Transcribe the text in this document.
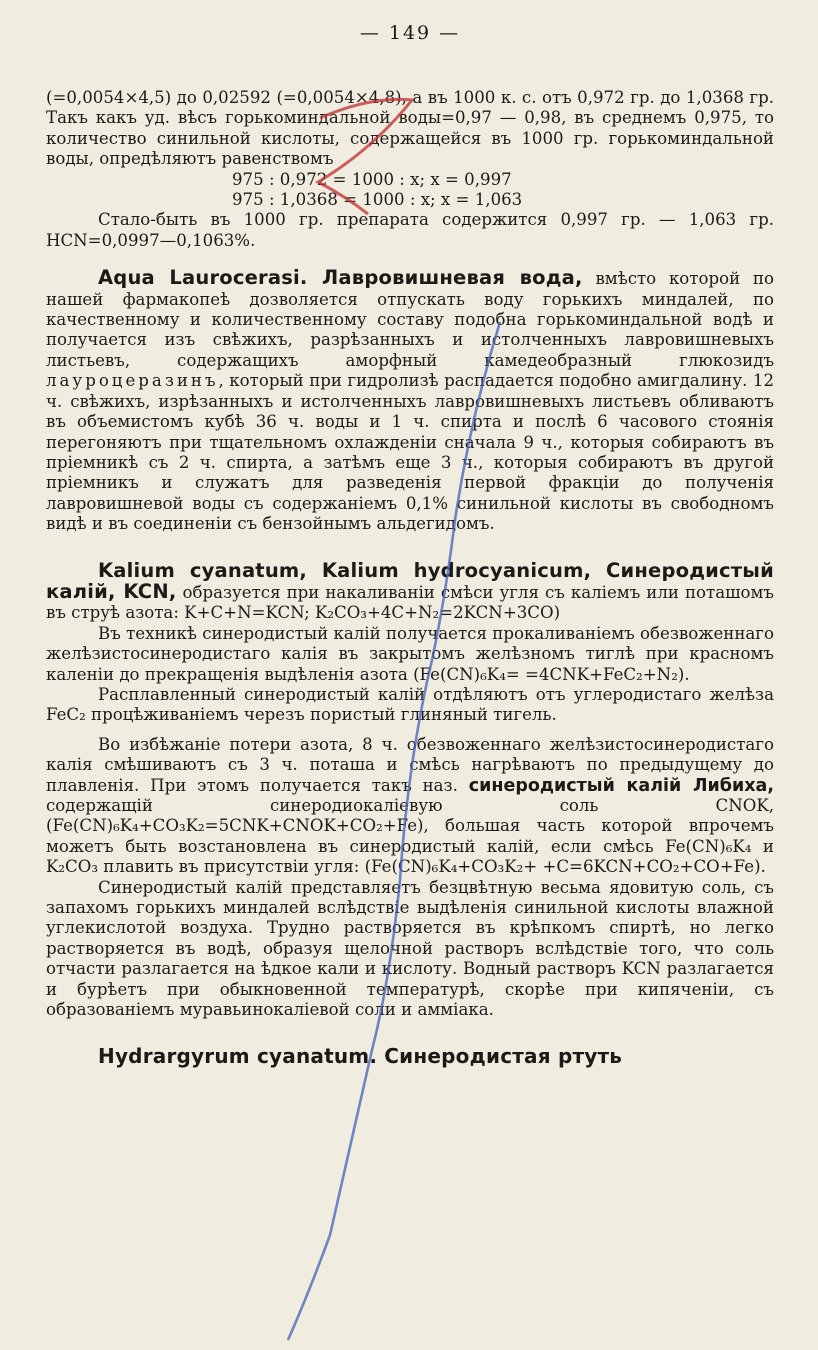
— 149 —

(=0,0054×4,5) до 0,02592 (=0,0054×4,8), а въ 1000 к. с. отъ 0,972 гр. до 1,0368 гр. Такъ какъ уд. вѣсъ горькоминдальной воды=0,97 — 0,98, въ среднемъ 0,975, то количество синильной кислоты, содержащейся въ 1000 гр. горькоминдальной воды, опредѣляютъ равенствомъ

975 : 0,972 = 1000 : x; x = 0,997
975 : 1,0368 = 1000 : x; x = 1,063

Стало-быть въ 1000 гр. препарата содержится 0,997 гр. — 1,063 гр. HCN=0,0997—0,1063%.

Aqua Laurocerasi. Лавровишневая вода, вмѣсто которой по нашей фармакопеѣ дозволяется отпускать воду горькихъ миндалей, по качественному и количественному составу подобна горькоминдальной водѣ и получается изъ свѣжихъ, разрѣзанныхъ и истолченныхъ лавровишневыхъ листьевъ, содержащихъ аморфный камедеобразный глюкозидъ лауроцеразинъ, который при гидролизѣ распадается подобно амигдалину. 12 ч. свѣжихъ, изрѣзанныхъ и истолченныхъ лавровишневыхъ листьевъ обливаютъ въ объемистомъ кубѣ 36 ч. воды и 1 ч. спирта и послѣ 6 часового стоянія перегоняютъ при тщательномъ охлажденіи сначала 9 ч., которыя собираютъ въ пріемникѣ съ 2 ч. спирта, а затѣмъ еще 3 ч., которыя собираютъ въ другой пріемникъ и служатъ для разведенія первой фракціи до полученія лавровишневой воды съ содержаніемъ 0,1% синильной кислоты въ свободномъ видѣ и въ соединеніи съ бензойнымъ альдегидомъ.

Kalium cyanatum, Kalium hydrocyanicum, Синеродистый калій, KCN, образуется при накаливаніи смѣси угля съ каліемъ или поташомъ въ струѣ азота: K+C+N=KCN; K₂CO₃+4C+N₂=2KCN+3CO)

Въ техникѣ синеродистый калій получается прокаливаніемъ обезвоженнаго желѣзистосинеродистаго калія въ закрытомъ желѣзномъ тиглѣ при красномъ каленіи до прекращенія выдѣленія азота (Fe(CN)₆K₄= =4CNK+FeC₂+N₂).

Расплавленный синеродистый калій отдѣляютъ отъ углеродистаго желѣза FeC₂ процѣживаніемъ черезъ пористый глиняный тигель.

Во избѣжаніе потери азота, 8 ч. обезвоженнаго желѣзистосинеродистаго калія смѣшиваютъ съ 3 ч. поташа и смѣсь нагрѣваютъ по предыдущему до плавленія. При этомъ получается такъ наз. синеродистый калій Либиха, содержащій синеродиокаліевую соль CNOK, (Fe(CN)₆K₄+CO₃K₂=5CNK+CNOK+CO₂+Fe), большая часть которой впрочемъ можетъ быть возстановлена въ синеродистый калій, если смѣсь Fe(CN)₆K₄ и K₂CO₃ плавить въ присутствіи угля: (Fe(CN)₆K₄+CO₃K₂+ +C=6KCN+CO₂+CO+Fe).

Синеродистый калій представляетъ безцвѣтную весьма ядовитую соль, съ запахомъ горькихъ миндалей вслѣдствіе выдѣленія синильной кислоты влажной углекислотой воздуха. Трудно растворяется въ крѣпкомъ спиртѣ, но легко растворяется въ водѣ, образуя щелочной растворъ вслѣдствіе того, что соль отчасти разлагается на ѣдкое кали и кислоту. Водный растворъ KCN разлагается и бурѣетъ при обыкновенной температурѣ, скорѣе при кипяченіи, съ образованіемъ муравьинокаліевой соли и амміака.

Hydrargyrum cyanatum. Синеродистая ртуть
